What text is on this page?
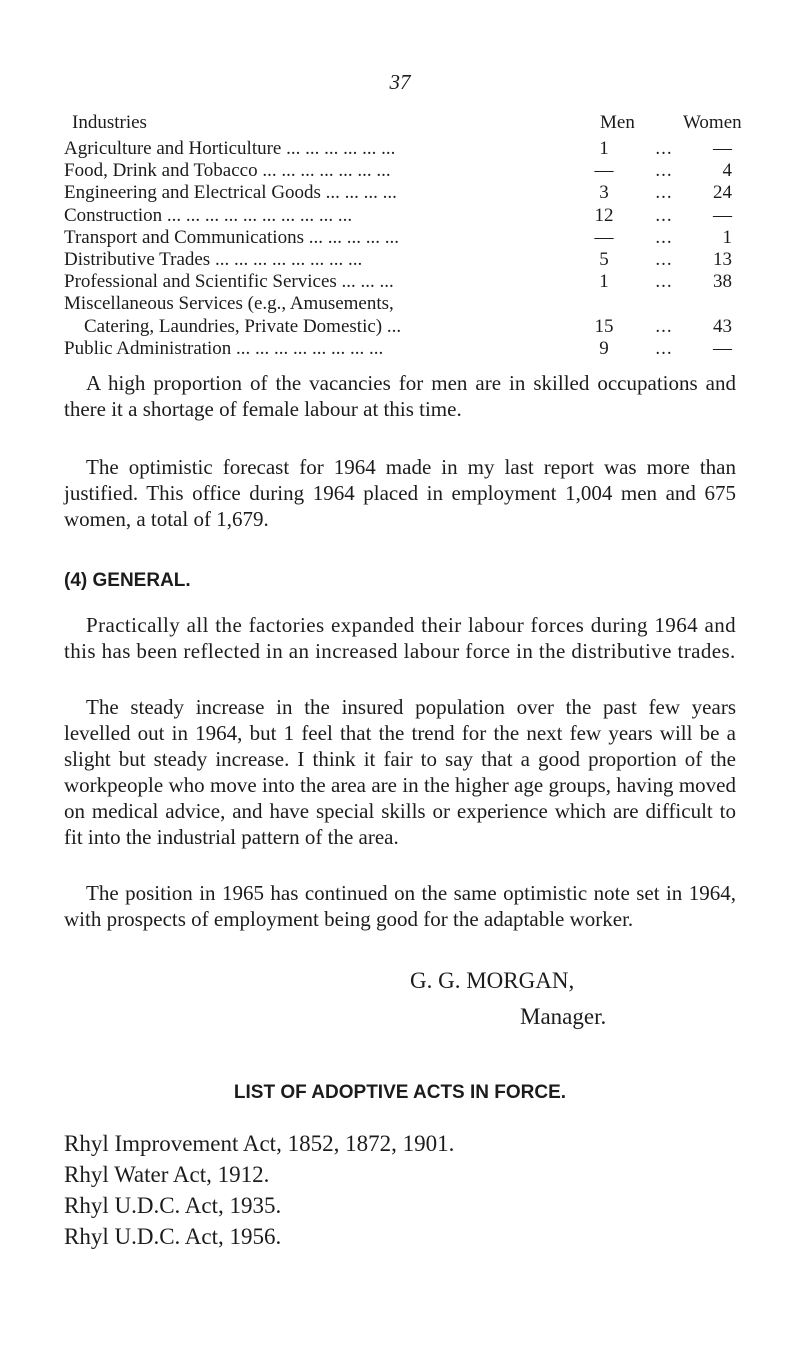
37
Industries	Men	Women
Agriculture and Horticulture ... ... ... ... ... ...	1	...	—
Food, Drink and Tobacco ... ... ... ... ... ... ...	—	...	4
Engineering and Electrical Goods ... ... ... ...	3	...	24
Construction ... ... ... ... ... ... ... ... ... ...	12	...	—
Transport and Communications ... ... ... ... ...	—	...	1
Distributive Trades ... ... ... ... ... ... ... ...	5	...	13
Professional and Scientific Services ... ... ...	1	...	38
Miscellaneous Services (e.g., Amusements,
Catering, Laundries, Private Domestic) ...	15	...	43
Public Administration ... ... ... ... ... ... ... ...	9	...	—

A high proportion of the vacancies for men are in skilled occupations and there it a shortage of female labour at this time.

The optimistic forecast for 1964 made in my last report was more than justified. This office during 1964 placed in employment 1,004 men and 675 women, a total of 1,679.

(4) GENERAL.

Practically all the factories expanded their labour forces during 1964 and this has been reflected in an increased labour force in the distributive trades.

The steady increase in the insured population over the past few years levelled out in 1964, but 1 feel that the trend for the next few years will be a slight but steady increase. I think it fair to say that a good proportion of the workpeople who move into the area are in the higher age groups, having moved on medical advice, and have special skills or experience which are difficult to fit into the industrial pattern of the area.

The position in 1965 has continued on the same optimistic note set in 1964, with prospects of employment being good for the adaptable worker.

G. G. MORGAN,

Manager.

LIST OF ADOPTIVE ACTS IN FORCE.
Rhyl Improvement Act, 1852, 1872, 1901.
Rhyl Water Act, 1912.
Rhyl U.D.C. Act, 1935.
Rhyl U.D.C. Act, 1956.
